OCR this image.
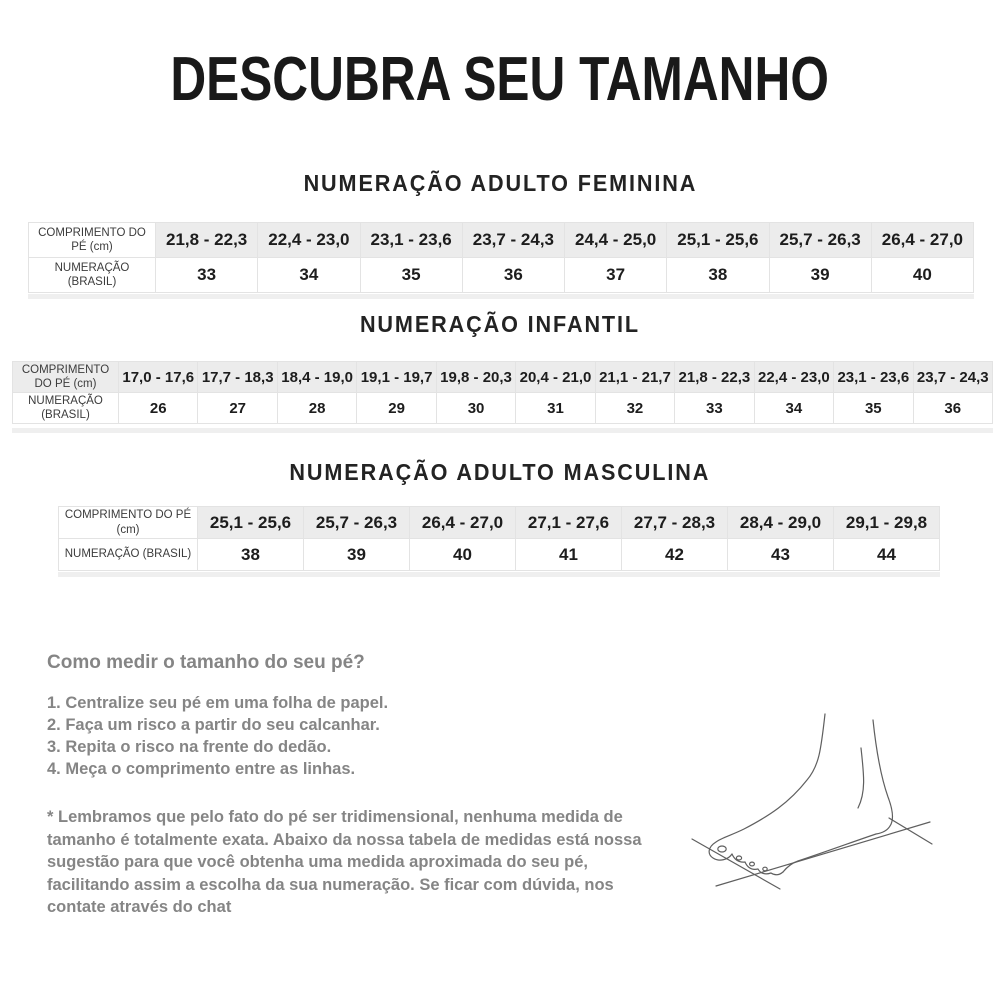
DESCUBRA SEU TAMANHO
NUMERAÇÃO ADULTO FEMININA
COMPRIMENTO DO PÉ (cm)	21,8 - 22,3	22,4 - 23,0	23,1 - 23,6	23,7 - 24,3	24,4 - 25,0	25,1 - 25,6	25,7 - 26,3	26,4 - 27,0
NUMERAÇÃO (BRASIL)	33	34	35	36	37	38	39	40
NUMERAÇÃO INFANTIL
COMPRIMENTO DO PÉ (cm)	17,0 - 17,6	17,7 - 18,3	18,4 - 19,0	19,1 - 19,7	19,8 - 20,3	20,4 - 21,0	21,1 - 21,7	21,8 - 22,3	22,4 - 23,0	23,1 - 23,6	23,7 - 24,3
NUMERAÇÃO (BRASIL)	26	27	28	29	30	31	32	33	34	35	36
NUMERAÇÃO ADULTO MASCULINA
COMPRIMENTO DO PÉ (cm)	25,1 - 25,6	25,7 - 26,3	26,4 - 27,0	27,1 - 27,6	27,7 - 28,3	28,4 - 29,0	29,1 - 29,8
NUMERAÇÃO (BRASIL)	38	39	40	41	42	43	44
Como medir o tamanho do seu pé?
1. Centralize seu pé em uma folha de papel.
2. Faça um risco a partir do seu calcanhar.
3. Repita o risco na frente do dedão.
4. Meça o comprimento entre as linhas.
* Lembramos que pelo fato do pé ser tridimensional, nenhuma medida de tamanho é totalmente exata. Abaixo da nossa tabela de medidas está nossa sugestão para que você obtenha uma medida aproximada do seu pé, facilitando assim a escolha da sua numeração. Se ficar com dúvida, nos contate através do chat
